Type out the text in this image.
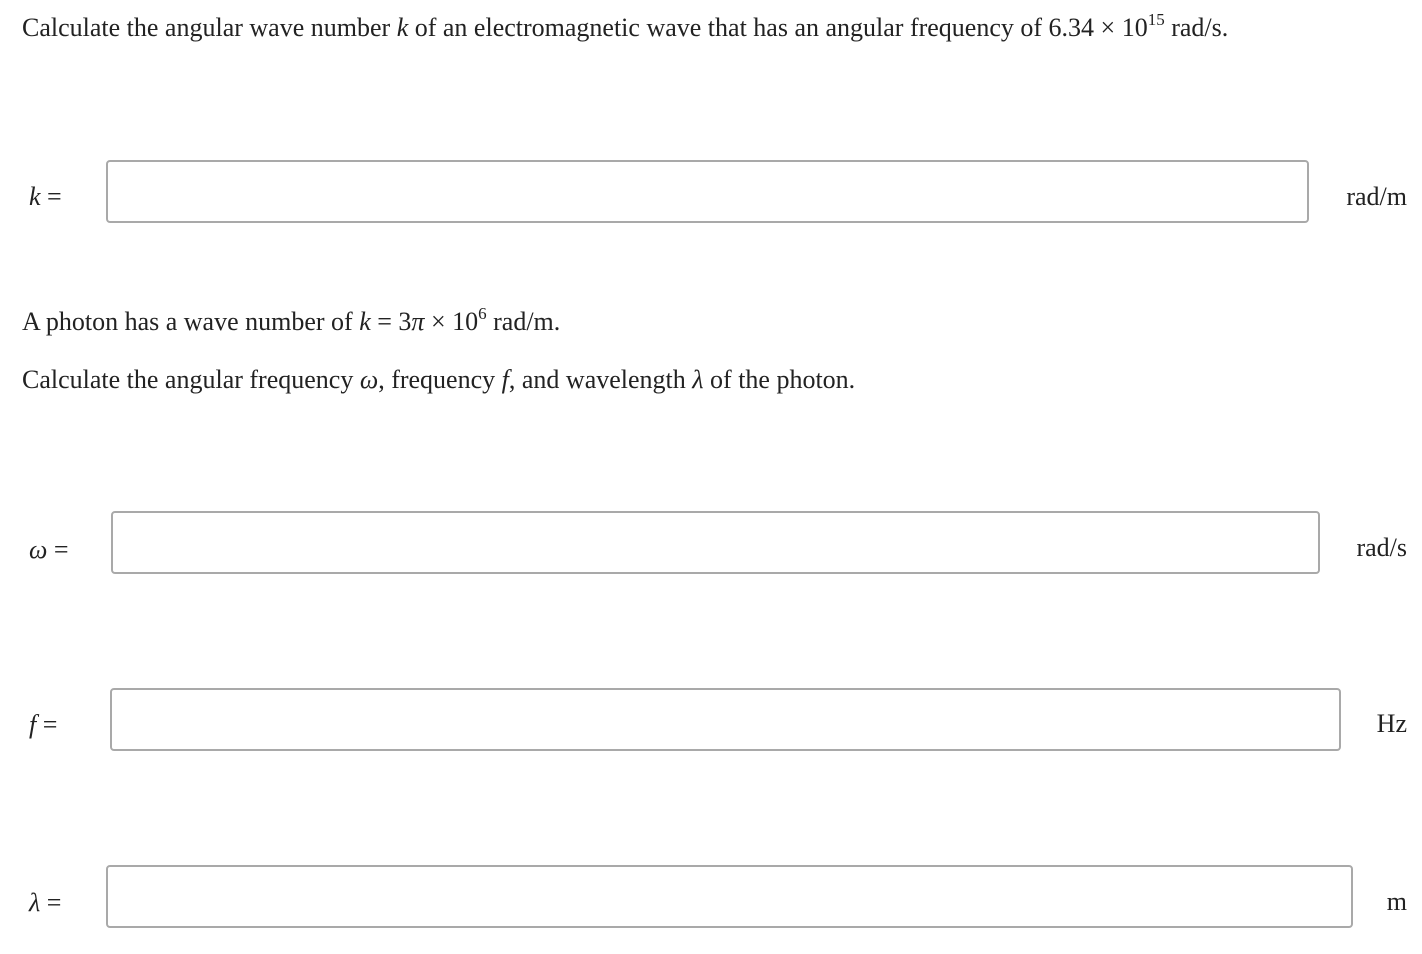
Calculate the angular wave number k of an electromagnetic wave that has an angular frequency of $6.34 \times 10^{15}$ rad/s.
k =	rad/m
A photon has a wave number of $k = 3\pi \times 10^6$ rad/m.
Calculate the angular frequency ω, frequency f, and wavelength λ of the photon.
ω =	rad/s
f =	Hz
λ =	m
